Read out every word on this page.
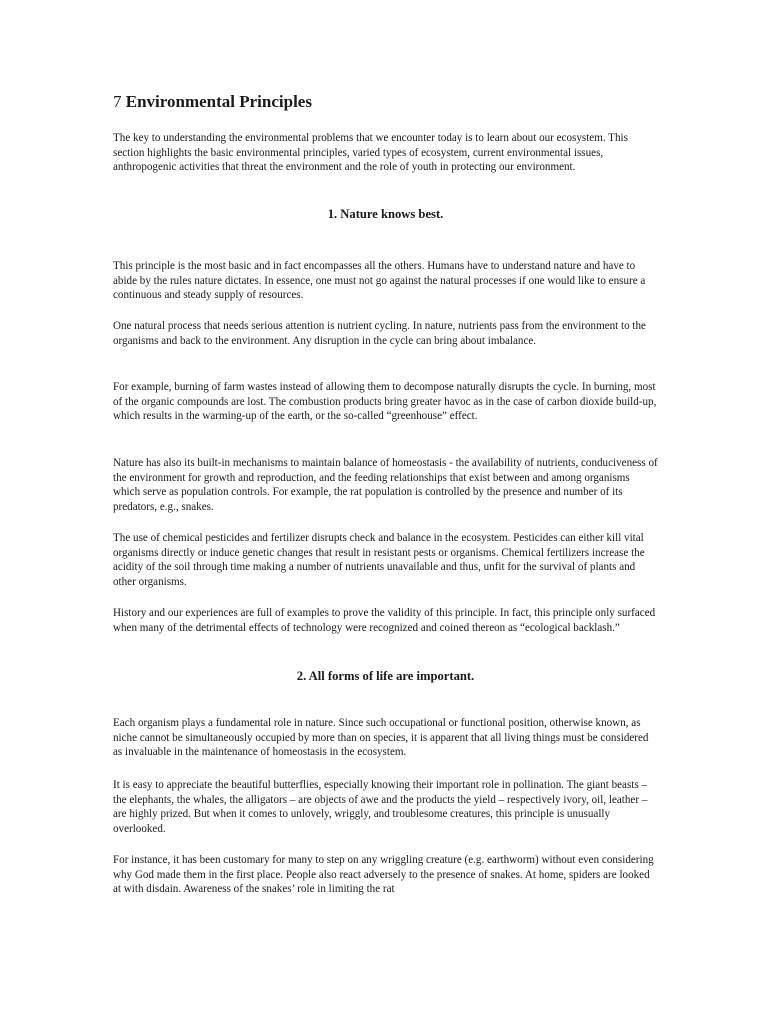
7 Environmental Principles

The key to understanding the environmental problems that we encounter today is to learn about our ecosystem. This section highlights the basic environmental principles, varied types of ecosystem, current environmental issues, anthropogenic activities that threat the environment and the role of youth in protecting our environment.

1. Nature knows best.

This principle is the most basic and in fact encompasses all the others. Humans have to understand nature and have to abide by the rules nature dictates. In essence, one must not go against the natural processes if one would like to ensure a continuous and steady supply of resources.

One natural process that needs serious attention is nutrient cycling. In nature, nutrients pass from the environment to the organisms and back to the environment. Any disruption in the cycle can bring about imbalance.

For example, burning of farm wastes instead of allowing them to decompose naturally disrupts the cycle. In burning, most of the organic compounds are lost. The combustion products bring greater havoc as in the case of carbon dioxide build-up, which results in the warming-up of the earth, or the so-called “greenhouse” effect.

Nature has also its built-in mechanisms to maintain balance of homeostasis - the availability of nutrients, conduciveness of the environment for growth and reproduction, and the feeding relationships that exist between and among organisms which serve as population controls. For example, the rat population is controlled by the presence and number of its predators, e.g., snakes.

The use of chemical pesticides and fertilizer disrupts check and balance in the ecosystem. Pesticides can either kill vital organisms directly or induce genetic changes that result in resistant pests or organisms. Chemical fertilizers increase the acidity of the soil through time making a number of nutrients unavailable and thus, unfit for the survival of plants and other organisms.

History and our experiences are full of examples to prove the validity of this principle. In fact, this principle only surfaced when many of the detrimental effects of technology were recognized and coined thereon as “ecological backlash.”

2. All forms of life are important.

Each organism plays a fundamental role in nature. Since such occupational or functional position, otherwise known, as niche cannot be simultaneously occupied by more than on species, it is apparent that all living things must be considered as invaluable in the maintenance of homeostasis in the ecosystem.

It is easy to appreciate the beautiful butterflies, especially knowing their important role in pollination. The giant beasts – the elephants, the whales, the alligators – are objects of awe and the products the yield – respectively ivory, oil, leather – are highly prized. But when it comes to unlovely, wriggly, and troublesome creatures, this principle is unusually overlooked.

For instance, it has been customary for many to step on any wriggling creature (e.g. earthworm) without even considering why God made them in the first place. People also react adversely to the presence of snakes. At home, spiders are looked at with disdain. Awareness of the snakes’ role in limiting the rat
